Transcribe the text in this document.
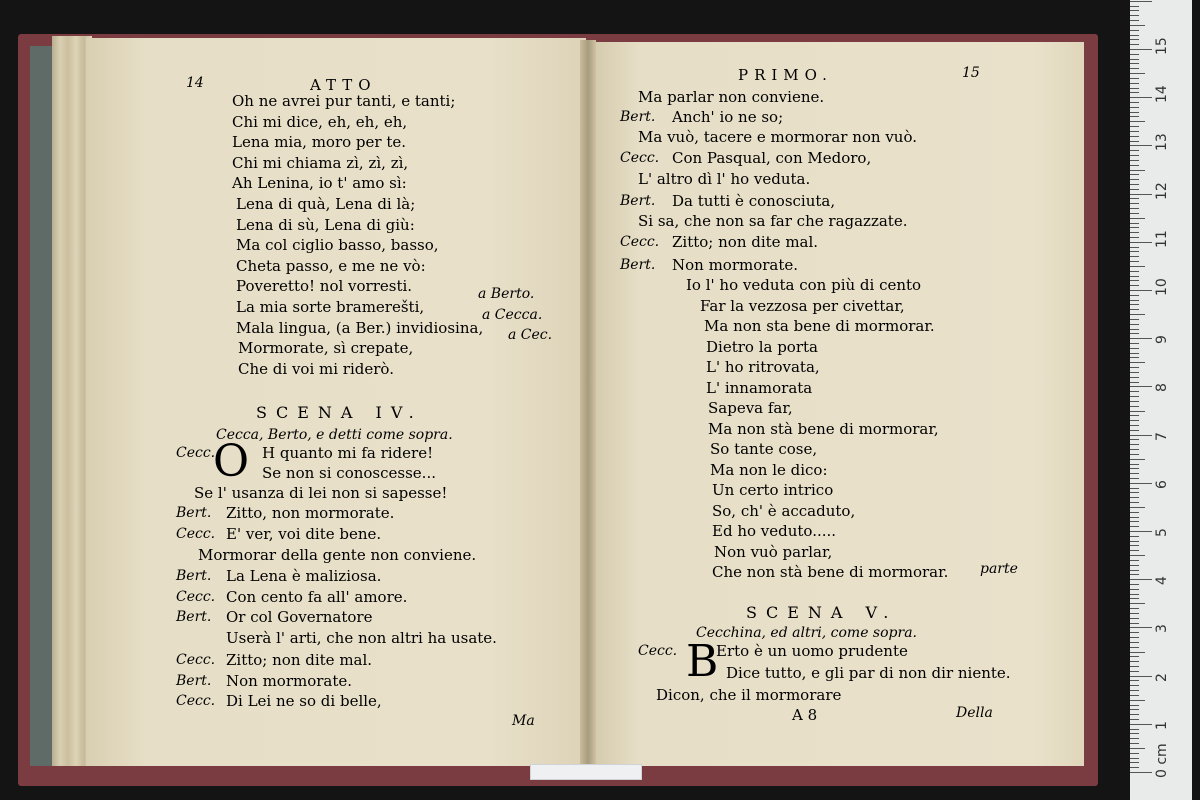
14	ATTO
Oh ne avrei pur tanti, e tanti;
Chi mi dice, eh, eh, eh,
Lena mia, moro per te.
Chi mi chiama zì, zì, zì,
Ah Lenina, io t' amo sì:
Lena di quà, Lena di là;
Lena di sù, Lena di giù:
Ma col ciglio basso, basso,
Cheta passo, e me ne vò:
Poveretto! nol vorresti.
La mia sorte bramerešti,
Mala lingua, (a Ber.) invidiosina,
Mormorate, sì crepate,
Che di voi mi riderò.
a Berto.
a Cecca.
a Cec.
SCENA IV.
Cecca, Berto, e detti come sopra.
O
Cecc.	H quanto mi fa ridere!
Se non si conoscesse...
Se l' usanza di lei non si sapesse!
Bert. Zitto, non mormorate.
Cecc. E' ver, voi dite bene.
Mormorar della gente non conviene.
Bert. La Lena è maliziosa.
Cecc. Con cento fa all' amore.
Bert. Or col Governatore
Userà l' arti, che non altri ha usate.
Cecc. Zitto; non dite mal.
Bert. Non mormorate.
Cecc. Di Lei ne so di belle,
Ma
PRIMO.	15
Ma parlar non conviene.
Bert. Anch' io ne so;
Ma vuò, tacere e mormorar non vuò.
Cecc. Con Pasqual, con Medoro,
L' altro dì l' ho veduta.
Bert. Da tutti è conosciuta,
Si sa, che non sa far che ragazzate.
Cecc. Zitto; non dite mal.
Bert. Non mormorate.
Io l' ho veduta con più di cento
Far la vezzosa per civettar,
Ma non sta bene di mormorar.
Dietro la porta
L' ho ritrovata,
L' innamorata
Sapeva far,
Ma non stà bene di mormorar,
So tante cose,
Ma non le dico:
Un certo intrico
So, ch' è accaduto,
Ed ho veduto.....
Non vuò parlar,
Che non stà bene di mormorar. parte
SCENA V.
Cecchina, ed altri, come sopra.
B
Cecc.	Erto è un uomo prudente
Dice tutto, e gli par di non dir niente.
Dicon, che il mormorare
A 8	Della
0 cm
1
2
3
4
5
6
7
8
9
10
11
12
13
14
15
